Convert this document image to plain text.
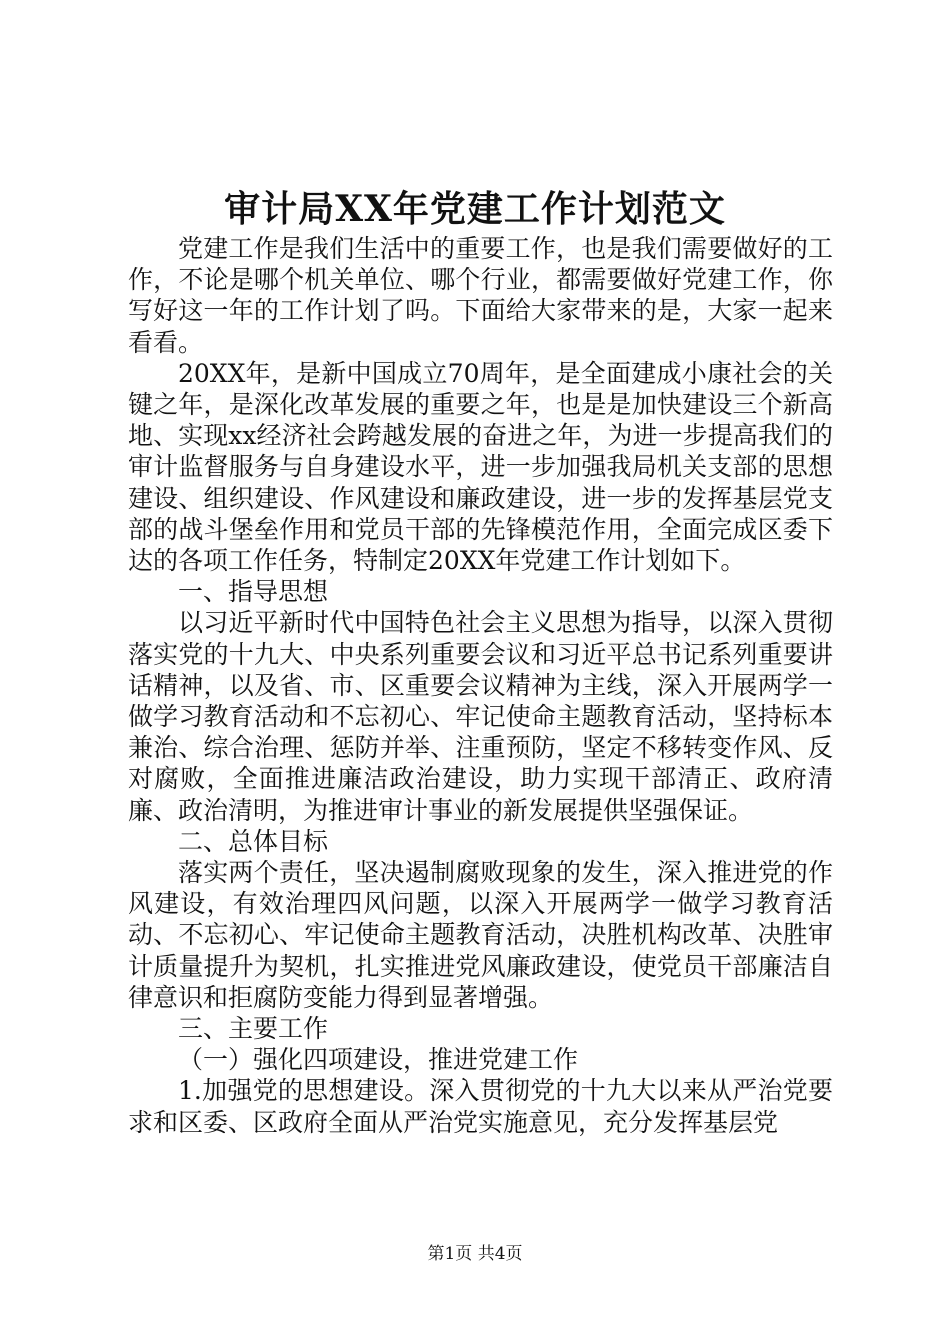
审计局XX年党建工作计划范文

党建工作是我们生活中的重要工作，也是我们需要做好的工作，不论是哪个机关单位、哪个行业，都需要做好党建工作，你写好这一年的工作计划了吗。下面给大家带来的是，大家一起来看看。

20XX年，是新中国成立70周年，是全面建成小康社会的关键之年，是深化改革发展的重要之年，也是是加快建设三个新高地、实现xx经济社会跨越发展的奋进之年，为进一步提高我们的审计监督服务与自身建设水平，进一步加强我局机关支部的思想建设、组织建设、作风建设和廉政建设，进一步的发挥基层党支部的战斗堡垒作用和党员干部的先锋模范作用，全面完成区委下达的各项工作任务，特制定20XX年党建工作计划如下。

一、指导思想

以习近平新时代中国特色社会主义思想为指导，以深入贯彻落实党的十九大、中央系列重要会议和习近平总书记系列重要讲话精神，以及省、市、区重要会议精神为主线，深入开展两学一做学习教育活动和不忘初心、牢记使命主题教育活动，坚持标本兼治、综合治理、惩防并举、注重预防，坚定不移转变作风、反对腐败，全面推进廉洁政治建设，助力实现干部清正、政府清廉、政治清明，为推进审计事业的新发展提供坚强保证。

二、总体目标

落实两个责任，坚决遏制腐败现象的发生，深入推进党的作风建设，有效治理四风问题，以深入开展两学一做学习教育活动、不忘初心、牢记使命主题教育活动，决胜机构改革、决胜审计质量提升为契机，扎实推进党风廉政建设，使党员干部廉洁自律意识和拒腐防变能力得到显著增强。

三、主要工作

（一）强化四项建设，推进党建工作

1.加强党的思想建设。深入贯彻党的十九大以来从严治党要求和区委、区政府全面从严治党实施意见，充分发挥基层党

第1页 共4页
